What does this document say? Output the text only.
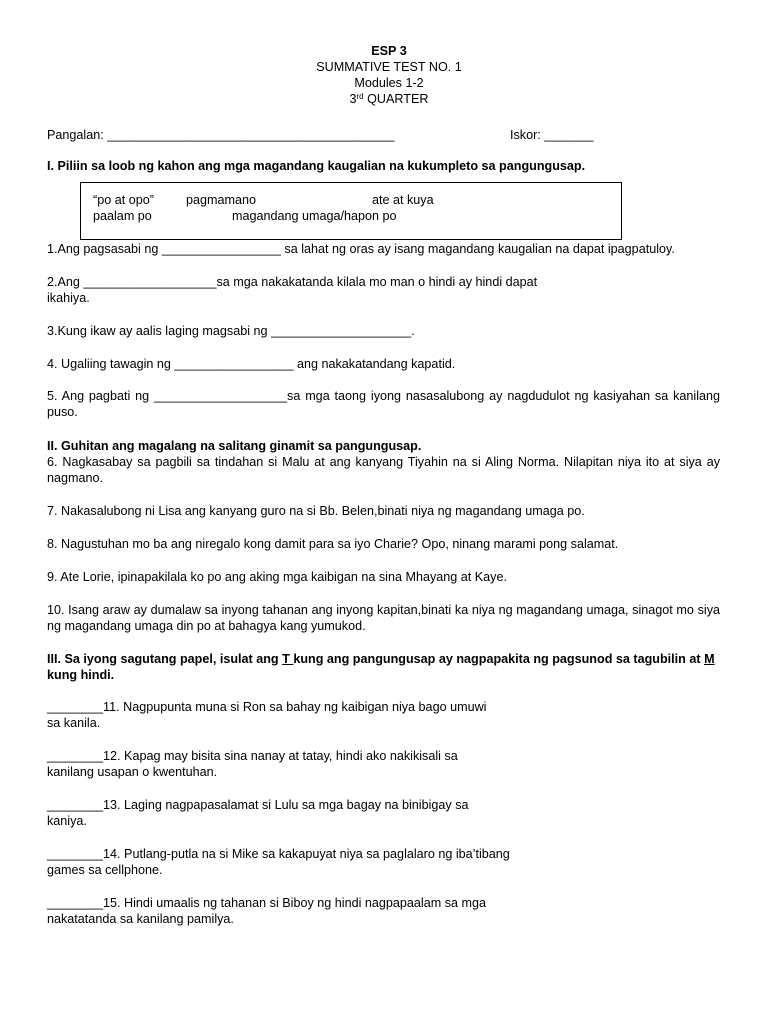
ESP 3
SUMMATIVE TEST NO. 1
Modules 1-2
3rd QUARTER
Pangalan: _________________________________________	Iskor: _______
I. Piliin sa loob ng kahon ang mga magandang kaugalian na kukumpleto sa pangungusap.
“po at opo”	pagmamano	ate at kuya
paalam po	magandang umaga/hapon po
1.Ang pagsasabi ng _________________ sa lahat ng oras ay isang magandang kaugalian na dapat ipagpatuloy.
2.Ang ___________________sa mga nakakatanda kilala mo man o hindi ay hindi dapat
ikahiya.
3.Kung ikaw ay aalis laging magsabi ng ____________________.
4. Ugaliing tawagin ng _________________ ang nakakatandang kapatid.
5. Ang pagbati ng ___________________sa mga taong iyong nasasalubong ay nagdudulot ng kasiyahan sa kanilang puso.
II. Guhitan ang magalang na salitang ginamit sa pangungusap.
6. Nagkasabay sa pagbili sa tindahan si Malu at ang kanyang Tiyahin na si Aling Norma. Nilapitan niya ito at siya ay nagmano.
7. Nakasalubong ni Lisa ang kanyang guro na si Bb. Belen,binati niya ng magandang umaga po.
8. Nagustuhan mo ba ang niregalo kong damit para sa iyo Charie? Opo, ninang marami pong salamat.
9. Ate Lorie, ipinapakilala ko po ang aking mga kaibigan na sina Mhayang at Kaye.
10. Isang araw ay dumalaw sa inyong tahanan ang inyong kapitan,binati ka niya ng magandang umaga, sinagot mo siya ng magandang umaga din po at bahagya kang yumukod.
III. Sa iyong sagutang papel, isulat ang T kung ang pangungusap ay nagpapakita ng pagsunod sa tagubilin at M
kung hindi.
________11. Nagpupunta muna si Ron sa bahay ng kaibigan niya bago umuwi
sa kanila.
________12. Kapag may bisita sina nanay at tatay, hindi ako nakikisali sa
kanilang usapan o kwentuhan.
________13. Laging nagpapasalamat si Lulu sa mga bagay na binibigay sa
kaniya.
________14. Putlang-putla na si Mike sa kakapuyat niya sa paglalaro ng iba’tibang
games sa cellphone.
________15. Hindi umaalis ng tahanan si Biboy ng hindi nagpapaalam sa mga
nakatatanda sa kanilang pamilya.
